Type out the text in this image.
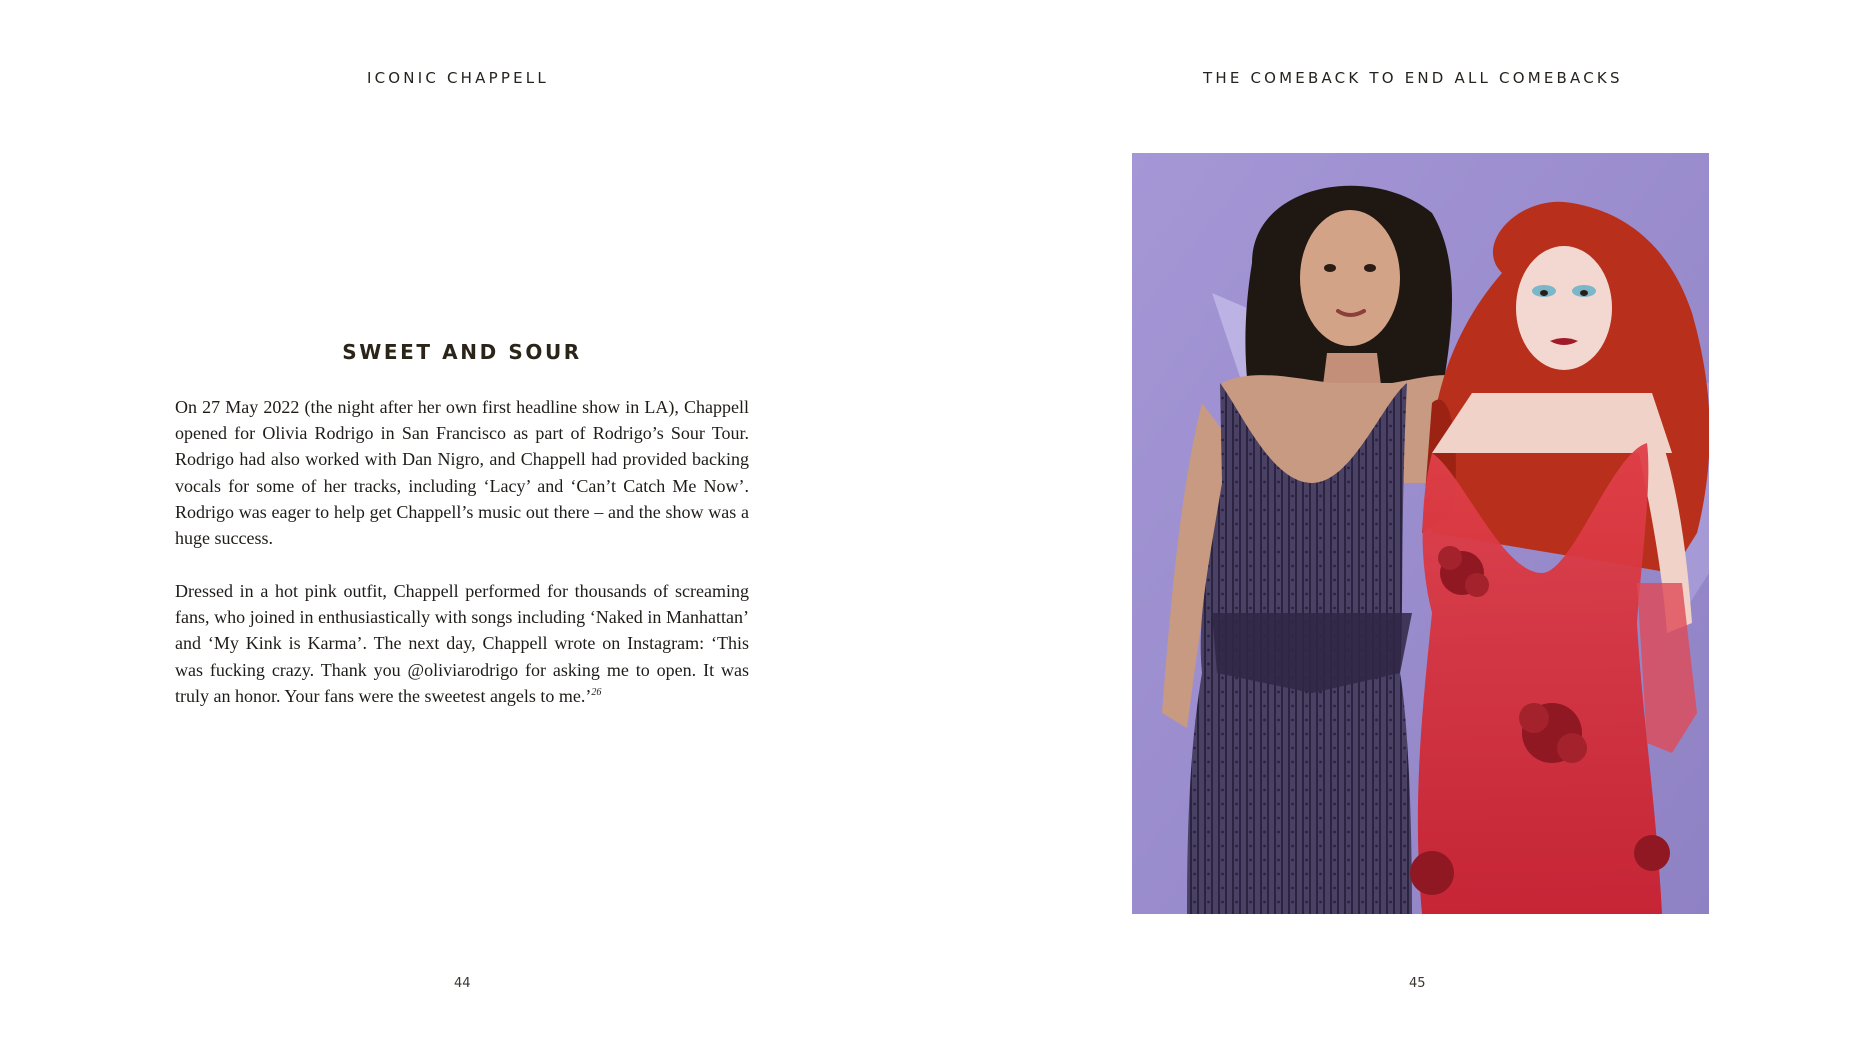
ICONIC CHAPPELL
SWEET AND SOUR

On 27 May 2022 (the night after her own first headline show in LA), Chappell opened for Olivia Rodrigo in San Francisco as part of Rodrigo’s Sour Tour. Rodrigo had also worked with Dan Nigro, and Chappell had provided backing vocals for some of her tracks, including ‘Lacy’ and ‘Can’t Catch Me Now’. Rodrigo was eager to help get Chappell’s music out there – and the show was a huge success.

Dressed in a hot pink outfit, Chappell performed for thousands of screaming fans, who joined in enthusiastically with songs including ‘Naked in Manhattan’ and ‘My Kink is Karma’. The next day, Chappell wrote on Instagram: ‘This was fucking crazy. Thank you @oliviarodrigo for asking me to open. It was truly an honor. Your fans were the sweetest angels to me.’$^{26}$

44
THE COMEBACK TO END ALL COMEBACKS
45
